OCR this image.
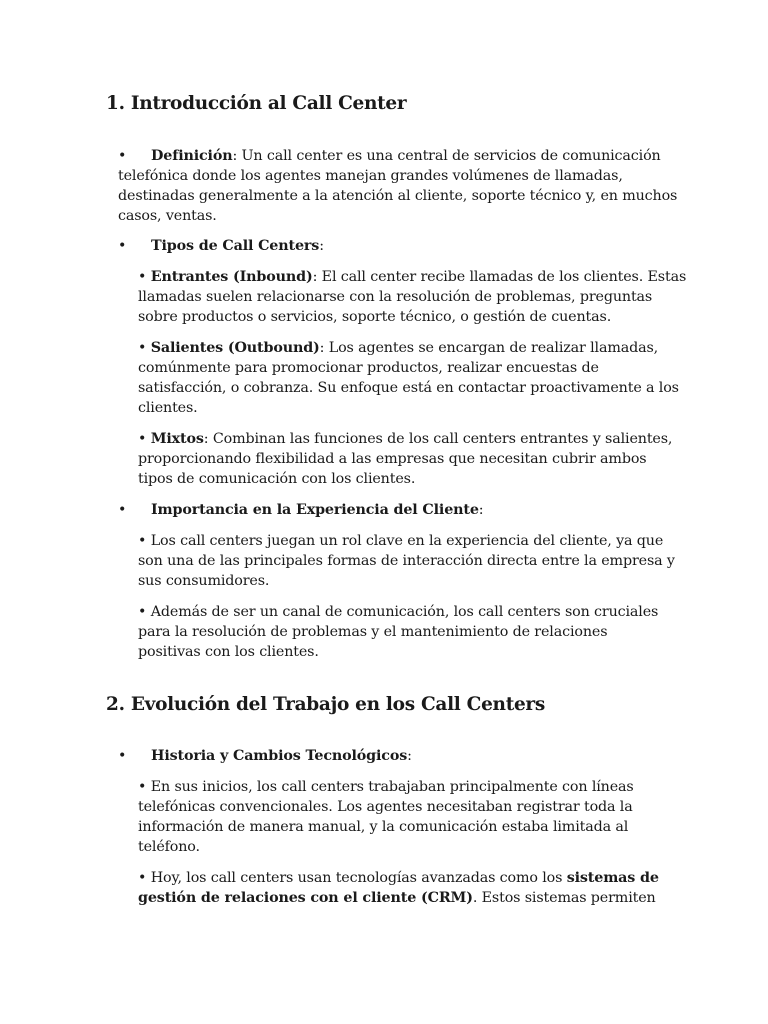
1. Introducción al Call Center
• Definición: Un call center es una central de servicios de comunicación
telefónica donde los agentes manejan grandes volúmenes de llamadas,
destinadas generalmente a la atención al cliente, soporte técnico y, en muchos
casos, ventas.
• Tipos de Call Centers:
• Entrantes (Inbound): El call center recibe llamadas de los clientes. Estas
llamadas suelen relacionarse con la resolución de problemas, preguntas
sobre productos o servicios, soporte técnico, o gestión de cuentas.
• Salientes (Outbound): Los agentes se encargan de realizar llamadas,
comúnmente para promocionar productos, realizar encuestas de
satisfacción, o cobranza. Su enfoque está en contactar proactivamente a los
clientes.
• Mixtos: Combinan las funciones de los call centers entrantes y salientes,
proporcionando flexibilidad a las empresas que necesitan cubrir ambos
tipos de comunicación con los clientes.
• Importancia en la Experiencia del Cliente:
• Los call centers juegan un rol clave en la experiencia del cliente, ya que
son una de las principales formas de interacción directa entre la empresa y
sus consumidores.
• Además de ser un canal de comunicación, los call centers son cruciales
para la resolución de problemas y el mantenimiento de relaciones
positivas con los clientes.
2. Evolución del Trabajo en los Call Centers
• Historia y Cambios Tecnológicos:
• En sus inicios, los call centers trabajaban principalmente con líneas
telefónicas convencionales. Los agentes necesitaban registrar toda la
información de manera manual, y la comunicación estaba limitada al
teléfono.
• Hoy, los call centers usan tecnologías avanzadas como los sistemas de
gestión de relaciones con el cliente (CRM). Estos sistemas permiten
